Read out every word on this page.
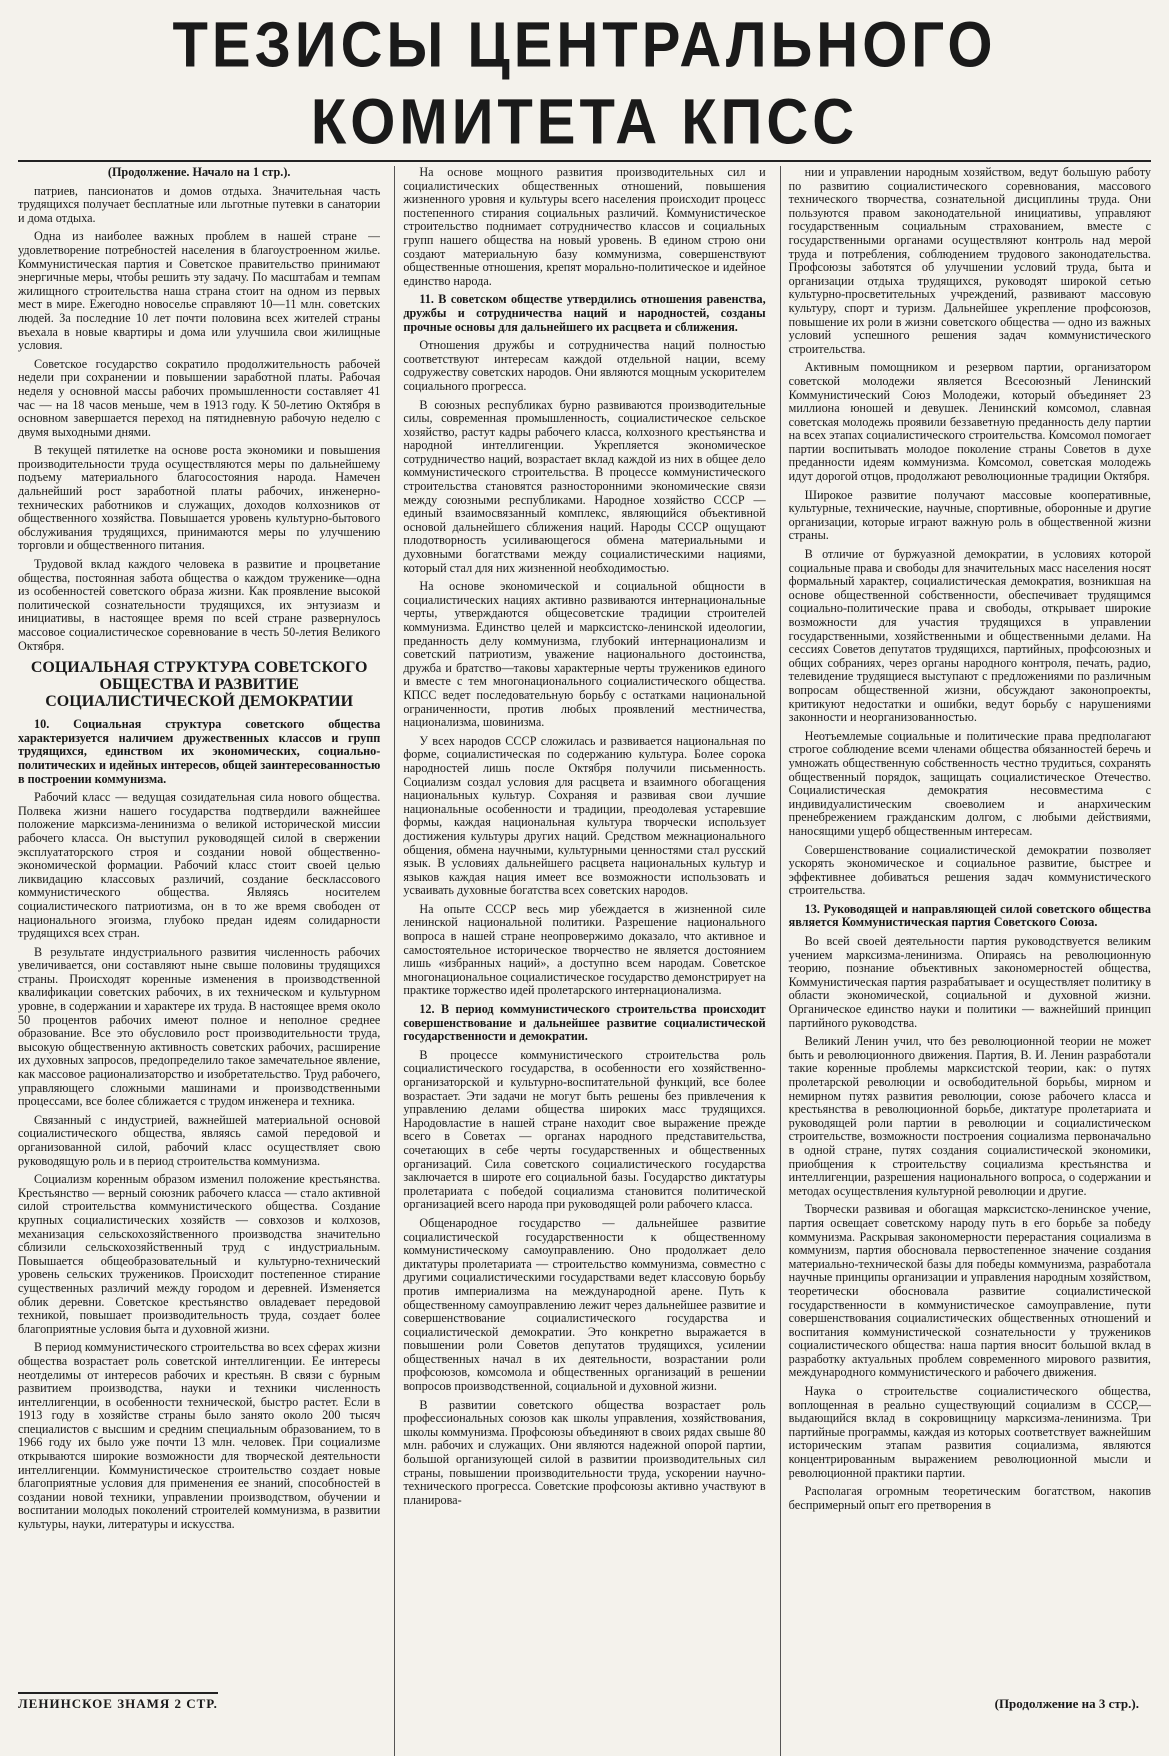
ТЕЗИСЫ ЦЕНТРАЛЬНОГО КОМИТЕТА КПСС

(Продолжение. Начало на 1 стр.).

патриев, пансионатов и домов отдыха. Значительная часть трудящихся получает бесплатные или льготные путевки в санатории и дома отдыха.

Одна из наиболее важных проблем в нашей стране —удовлетворение потребностей населения в благоустроенном жилье. Коммунистическая партия и Советское правительство принимают энергичные меры, чтобы решить эту задачу. По масштабам и темпам жилищного строительства наша страна стоит на одном из первых мест в мире. Ежегодно новоселье справляют 10—11 млн. советских людей. За последние 10 лет почти половина всех жителей страны въехала в новые квартиры и дома или улучшила свои жилищные условия.

Советское государство сократило продолжительность рабочей недели при сохранении и повышении заработной платы. Рабочая неделя у основной массы рабочих промышленности составляет 41 час — на 18 часов меньше, чем в 1913 году. К 50-летию Октября в основном завершается переход на пятидневную рабочую неделю с двумя выходными днями.

В текущей пятилетке на основе роста экономики и повышения производительности труда осуществляются меры по дальнейшему подъему материального благосостояния народа. Намечен дальнейший рост заработной платы рабочих, инженерно-технических работников и служащих, доходов колхозников от общественного хозяйства. Повышается уровень культурно-бытового обслуживания трудящихся, принимаются меры по улучшению торговли и общественного питания.

Трудовой вклад каждого человека в развитие и процветание общества, постоянная забота общества о каждом труженике—одна из особенностей советского образа жизни. Как проявление высокой политической сознательности трудящихся, их энтузиазм и инициативы, в настоящее время по всей стране развернулось массовое социалистическое соревнование в честь 50-летия Великого Октября.

СОЦИАЛЬНАЯ СТРУКТУРА СОВЕТСКОГО ОБЩЕСТВА И РАЗВИТИЕ СОЦИАЛИСТИЧЕСКОЙ ДЕМОКРАТИИ

10. Социальная структура советского общества характеризуется наличием дружественных классов и групп трудящихся, единством их экономических, социально-политических и идейных интересов, общей заинтересованностью в построении коммунизма.

Рабочий класс — ведущая созидательная сила нового общества. Полвека жизни нашего государства подтвердили важнейшее положение марксизма-ленинизма о великой исторической миссии рабочего класса. Он выступил руководящей силой в свержении эксплуататорского строя и создании новой общественно-экономической формации. Рабочий класс стоит своей целью ликвидацию классовых различий, создание бесклассового коммунистического общества. Являясь носителем социалистического патриотизма, он в то же время свободен от национального эгоизма, глубоко предан идеям солидарности трудящихся всех стран.

В результате индустриального развития численность рабочих увеличивается, они составляют ныне свыше половины трудящихся страны. Происходят коренные изменения в производственной квалификации советских рабочих, в их техническом и культурном уровне, в содержании и характере их труда. В настоящее время около 50 процентов рабочих имеют полное и неполное среднее образование. Все это обусловило рост производительности труда, высокую общественную активность советских рабочих, расширение их духовных запросов, предопределило такое замечательное явление, как массовое рационализаторство и изобретательство. Труд рабочего, управляющего сложными машинами и производственными процессами, все более сближается с трудом инженера и техника.

Связанный с индустрией, важнейшей материальной основой социалистического общества, являясь самой передовой и организованной силой, рабочий класс осуществляет свою руководящую роль и в период строительства коммунизма.

Социализм коренным образом изменил положение крестьянства. Крестьянство — верный союзник рабочего класса — стало активной силой строительства коммунистического общества. Создание крупных социалистических хозяйств — совхозов и колхозов, механизация сельскохозяйственного производства значительно сблизили сельскохозяйственный труд с индустриальным. Повышается общеобразовательный и культурно-технический уровень сельских тружеников. Происходит постепенное стирание существенных различий между городом и деревней. Изменяется облик деревни. Советское крестьянство овладевает передовой техникой, повышает производительность труда, создает более благоприятные условия быта и духовной жизни.

В период коммунистического строительства во всех сферах жизни общества возрастает роль советской интеллигенции. Ее интересы неотделимы от интересов рабочих и крестьян. В связи с бурным развитием производства, науки и техники численность интеллигенции, в особенности технической, быстро растет. Если в 1913 году в хозяйстве страны было занято около 200 тысяч специалистов с высшим и средним специальным образованием, то в 1966 году их было уже почти 13 млн. человек. При социализме открываются широкие возможности для творческой деятельности интеллигенции. Коммунистическое строительство создает новые благоприятные условия для применения ее знаний, способностей в создании новой техники, управлении производством, обучении и воспитании молодых поколений строителей коммунизма, в развитии культуры, науки, литературы и искусства.

На основе мощного развития производительных сил и социалистических общественных отношений, повышения жизненного уровня и культуры всего населения происходит процесс постепенного стирания социальных различий. Коммунистическое строительство поднимает сотрудничество классов и социальных групп нашего общества на новый уровень. В едином строю они создают материальную базу коммунизма, совершенствуют общественные отношения, крепят морально-политическое и идейное единство народа.

11. В советском обществе утвердились отношения равенства, дружбы и сотрудничества наций и народностей, созданы прочные основы для дальнейшего их расцвета и сближения.

Отношения дружбы и сотрудничества наций полностью соответствуют интересам каждой отдельной нации, всему содружеству советских народов. Они являются мощным ускорителем социального прогресса.

В союзных республиках бурно развиваются производительные силы, современная промышленность, социалистическое сельское хозяйство, растут кадры рабочего класса, колхозного крестьянства и народной интеллигенции. Укрепляется экономическое сотрудничество наций, возрастает вклад каждой из них в общее дело коммунистического строительства. В процессе коммунистического строительства становятся разносторонними экономические связи между союзными республиками. Народное хозяйство СССР — единый взаимосвязанный комплекс, являющийся объективной основой дальнейшего сближения наций. Народы СССР ощущают плодотворность усиливающегося обмена материальными и духовными богатствами между социалистическими нациями, который стал для них жизненной необходимостью.

На основе экономической и социальной общности в социалистических нациях активно развиваются интернациональные черты, утверждаются общесоветские традиции строителей коммунизма. Единство целей и марксистско-ленинской идеологии, преданность делу коммунизма, глубокий интернационализм и советский патриотизм, уважение национального достоинства, дружба и братство—таковы характерные черты тружеников единого и вместе с тем многонационального социалистического общества. КПСС ведет последовательную борьбу с остатками национальной ограниченности, против любых проявлений местничества, национализма, шовинизма.

У всех народов СССР сложилась и развивается национальная по форме, социалистическая по содержанию культура. Более сорока народностей лишь после Октября получили письменность. Социализм создал условия для расцвета и взаимного обогащения национальных культур. Сохраняя и развивая свои лучшие национальные особенности и традиции, преодолевая устаревшие формы, каждая национальная культура творчески использует достижения культуры других наций. Средством межнационального общения, обмена научными, культурными ценностями стал русский язык. В условиях дальнейшего расцвета национальных культур и языков каждая нация имеет все возможности использовать и усваивать духовные богатства всех советских народов.

На опыте СССР весь мир убеждается в жизненной силе ленинской национальной политики. Разрешение национального вопроса в нашей стране неопровержимо доказало, что активное и самостоятельное историческое творчество не является достоянием лишь «избранных наций», а доступно всем народам. Советское многонациональное социалистическое государство демонстрирует на практике торжество идей пролетарского интернационализма.

12. В период коммунистического строительства происходит совершенствование и дальнейшее развитие социалистической государственности и демократии.

В процессе коммунистического строительства роль социалистического государства, в особенности его хозяйственно-организаторской и культурно-воспитательной функций, все более возрастает. Эти задачи не могут быть решены без привлечения к управлению делами общества широких масс трудящихся. Народовластие в нашей стране находит свое выражение прежде всего в Советах — органах народного представительства, сочетающих в себе черты государственных и общественных организаций. Сила советского социалистического государства заключается в широте его социальной базы. Государство диктатуры пролетариата с победой социализма становится политической организацией всего народа при руководящей роли рабочего класса.

Общенародное государство — дальнейшее развитие социалистической государственности к общественному коммунистическому самоуправлению. Оно продолжает дело диктатуры пролетариата — строительство коммунизма, совместно с другими социалистическими государствами ведет классовую борьбу против империализма на международной арене. Путь к общественному самоуправлению лежит через дальнейшее развитие и совершенствование социалистического государства и социалистической демократии. Это конкретно выражается в повышении роли Советов депутатов трудящихся, усилении общественных начал в их деятельности, возрастании роли профсоюзов, комсомола и общественных организаций в решении вопросов производственной, социальной и духовной жизни.

В развитии советского общества возрастает роль профессиональных союзов как школы управления, хозяйствования, школы коммунизма. Профсоюзы объединяют в своих рядах свыше 80 млн. рабочих и служащих. Они являются надежной опорой партии, большой организующей силой в развитии производительных сил страны, повышении производительности труда, ускорении научно-технического прогресса. Советские профсоюзы активно участвуют в планирова-

нии и управлении народным хозяйством, ведут большую работу по развитию социалистического соревнования, массового технического творчества, сознательной дисциплины труда. Они пользуются правом законодательной инициативы, управляют государственным социальным страхованием, вместе с государственными органами осуществляют контроль над мерой труда и потребления, соблюдением трудового законодательства. Профсоюзы заботятся об улучшении условий труда, быта и организации отдыха трудящихся, руководят широкой сетью культурно-просветительных учреждений, развивают массовую культуру, спорт и туризм. Дальнейшее укрепление профсоюзов, повышение их роли в жизни советского общества — одно из важных условий успешного решения задач коммунистического строительства.

Активным помощником и резервом партии, организатором советской молодежи является Всесоюзный Ленинский Коммунистический Союз Молодежи, который объединяет 23 миллиона юношей и девушек. Ленинский комсомол, славная советская молодежь проявили беззаветную преданность делу партии на всех этапах социалистического строительства. Комсомол помогает партии воспитывать молодое поколение страны Советов в духе преданности идеям коммунизма. Комсомол, советская молодежь идут дорогой отцов, продолжают революционные традиции Октября.

Широкое развитие получают массовые кооперативные, культурные, технические, научные, спортивные, оборонные и другие организации, которые играют важную роль в общественной жизни страны.

В отличие от буржуазной демократии, в условиях которой социальные права и свободы для значительных масс населения носят формальный характер, социалистическая демократия, возникшая на основе общественной собственности, обеспечивает трудящимся социально-политические права и свободы, открывает широкие возможности для участия трудящихся в управлении государственными, хозяйственными и общественными делами. На сессиях Советов депутатов трудящихся, партийных, профсоюзных и общих собраниях, через органы народного контроля, печать, радио, телевидение трудящиеся выступают с предложениями по различным вопросам общественной жизни, обсуждают законопроекты, критикуют недостатки и ошибки, ведут борьбу с нарушениями законности и неорганизованностью.

Неотъемлемые социальные и политические права предполагают строгое соблюдение всеми членами общества обязанностей беречь и умножать общественную собственность честно трудиться, сохранять общественный порядок, защищать социалистическое Отечество. Социалистическая демократия несовместима с индивидуалистическим своеволием и анархическим пренебрежением гражданским долгом, с любыми действиями, наносящими ущерб общественным интересам.

Совершенствование социалистической демократии позволяет ускорять экономическое и социальное развитие, быстрее и эффективнее добиваться решения задач коммунистического строительства.

13. Руководящей и направляющей силой советского общества является Коммунистическая партия Советского Союза.

Во всей своей деятельности партия руководствуется великим учением марксизма-ленинизма. Опираясь на революционную теорию, познание объективных закономерностей общества, Коммунистическая партия разрабатывает и осуществляет политику в области экономической, социальной и духовной жизни. Органическое единство науки и политики — важнейший принцип партийного руководства.

Великий Ленин учил, что без революционной теории не может быть и революционного движения. Партия, В. И. Ленин разработали такие коренные проблемы марксистской теории, как: о путях пролетарской революции и освободительной борьбы, мирном и немирном путях развития революции, союзе рабочего класса и крестьянства в революционной борьбе, диктатуре пролетариата и руководящей роли партии в революции и социалистическом строительстве, возможности построения социализма первоначально в одной стране, путях создания социалистической экономики, приобщения к строительству социализма крестьянства и интеллигенции, разрешения национального вопроса, о содержании и методах осуществления культурной революции и другие.

Творчески развивая и обогащая марксистско-ленинское учение, партия освещает советскому народу путь в его борьбе за победу коммунизма. Раскрывая закономерности перерастания социализма в коммунизм, партия обосновала первостепенное значение создания материально-технической базы для победы коммунизма, разработала научные принципы организации и управления народным хозяйством, теоретически обосновала развитие социалистической государственности в коммунистическое самоуправление, пути совершенствования социалистических общественных отношений и воспитания коммунистической сознательности у тружеников социалистического общества: наша партия вносит большой вклад в разработку актуальных проблем современного мирового развития, международного коммунистического и рабочего движения.

Наука о строительстве социалистического общества, воплощенная в реально существующий социализм в СССР,—выдающийся вклад в сокровищницу марксизма-ленинизма. Три партийные программы, каждая из которых соответствует важнейшим историческим этапам развития социализма, являются концентрированным выражением революционной мысли и революционной практики партии.

Располагая огромным теоретическим богатством, накопив беспримерный опыт его претворения в

ЛЕНИНСКОЕ ЗНАМЯ 2 СТР.	(Продолжение на 3 стр.).
